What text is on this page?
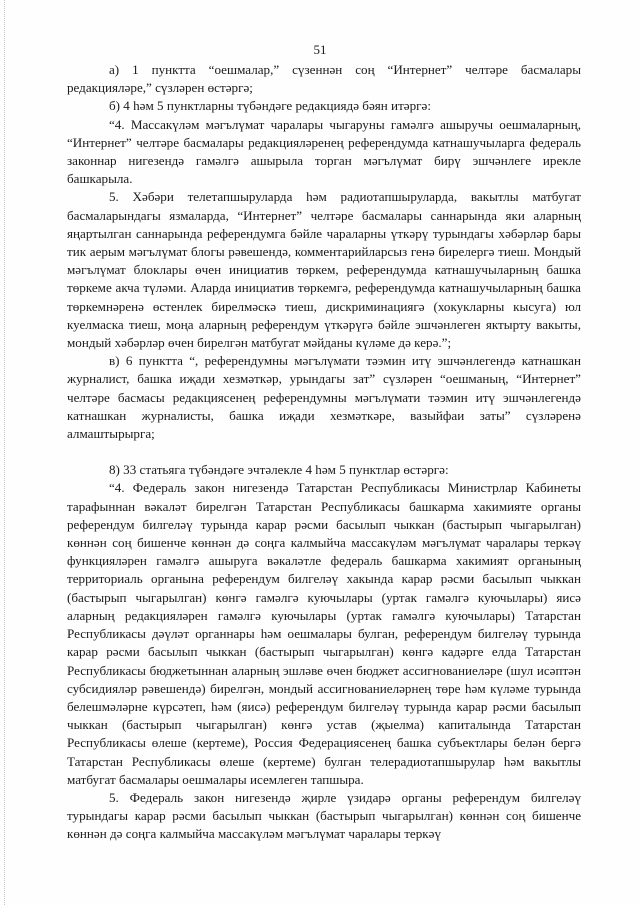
51

а) 1 пунктта “оешмалар,” сүзеннән соң “Интернет” челтәре басмалары редакцияләре,” сүзләрен өстәргә;

б) 4 һәм 5 пунктларны түбәндәге редакциядә бәян итәргә:

“4. Массакүләм мәгълүмат чаралары чыгаруны гамәлгә ашыручы оешмаларның, “Интернет” челтәре басмалары редакцияләренең референдумда катнашучыларга федераль законнар нигезендә гамәлгә ашырыла торган мәгълүмат бирү эшчәнлеге ирекле башкарыла.

5. Хәбәри телетапшыруларда һәм радиотапшыруларда, вакытлы матбугат басмаларындагы язмаларда, “Интернет” челтәре басмалары саннарында яки аларның яңартылган саннарында референдумга бәйле чараларны үткәрү турындагы хәбәрләр бары тик аерым мәгълүмат блогы рәвешендә, комментарийларсыз генә бирелергә тиеш. Мондый мәгълүмат блоклары өчен инициатив төркем, референдумда катнашучыларның башка төркеме акча түләми. Аларда инициатив төркемгә, референдумда катнашучыларның башка төркемнәренә өстенлек бирелмәскә тиеш, дискриминациягә (хокукларны кысуга) юл куелмаска тиеш, моңа аларның референдум үткәрүгә бәйле эшчәнлеген яктырту вакыты, мондый хәбәрләр өчен бирелгән матбугат мәйданы күләме дә керә.”;

в) 6 пунктта “, референдумны мәгълүмати тәэмин итү эшчәнлегендә катнашкан журналист, башка иҗади хезмәткәр, урындагы зат” сүзләрен “оешманың, “Интернет” челтәре басмасы редакциясенең референдумны мәгълүмати тәэмин итү эшчәнлегендә катнашкан журналисты, башка иҗади хезмәткәре, вазыйфаи заты” сүзләренә алмаштырырга;

8) 33 статьяга түбәндәге эчтәлекле 4 һәм 5 пунктлар өстәргә:

“4. Федераль закон нигезендә Татарстан Республикасы Министрлар Кабинеты тарафыннан вәкаләт бирелгән Татарстан Республикасы башкарма хакимияте органы референдум билгеләү турында карар рәсми басылып чыккан (бастырып чыгарылган) көннән соң бишенче көннән дә соңга калмыйча массакүләм мәгълүмат чаралары теркәү функцияләрен гамәлгә ашыруга вәкаләтле федераль башкарма хакимият органының территориаль органына референдум билгеләү хакында карар рәсми басылып чыккан (бастырып чыгарылган) көнгә гамәлгә куючылары (уртак гамәлгә куючылары) яисә аларның редакцияләрен гамәлгә куючылары (уртак гамәлгә куючылары) Татарстан Республикасы дәүләт органнары һәм оешмалары булган, референдум билгеләү турында карар рәсми басылып чыккан (бастырып чыгарылган) көнгә кадәрге елда Татарстан Республикасы бюджетыннан аларның эшләве өчен бюджет ассигнованиеләре (шул исәптән субсидияләр рәвешендә) бирелгән, мондый ассигнованиеләрнең төре һәм күләме турында белешмәләрне күрсәтеп, һәм (яисә) референдум билгеләү турында карар рәсми басылып чыккан (бастырып чыгарылган) көнгә устав (җыелма) капиталында Татарстан Республикасы өлеше (кертеме), Россия Федерациясенең башка субъектлары белән бергә Татарстан Республикасы өлеше (кертеме) булган телерадиотапшырулар һәм вакытлы матбугат басмалары оешмалары исемлеген тапшыра.

5. Федераль закон нигезендә җирле үзидарә органы референдум билгеләү турындагы карар рәсми басылып чыккан (бастырып чыгарылган) көннән соң бишенче көннән дә соңга калмыйча массакүләм мәгълүмат чаралары теркәү
